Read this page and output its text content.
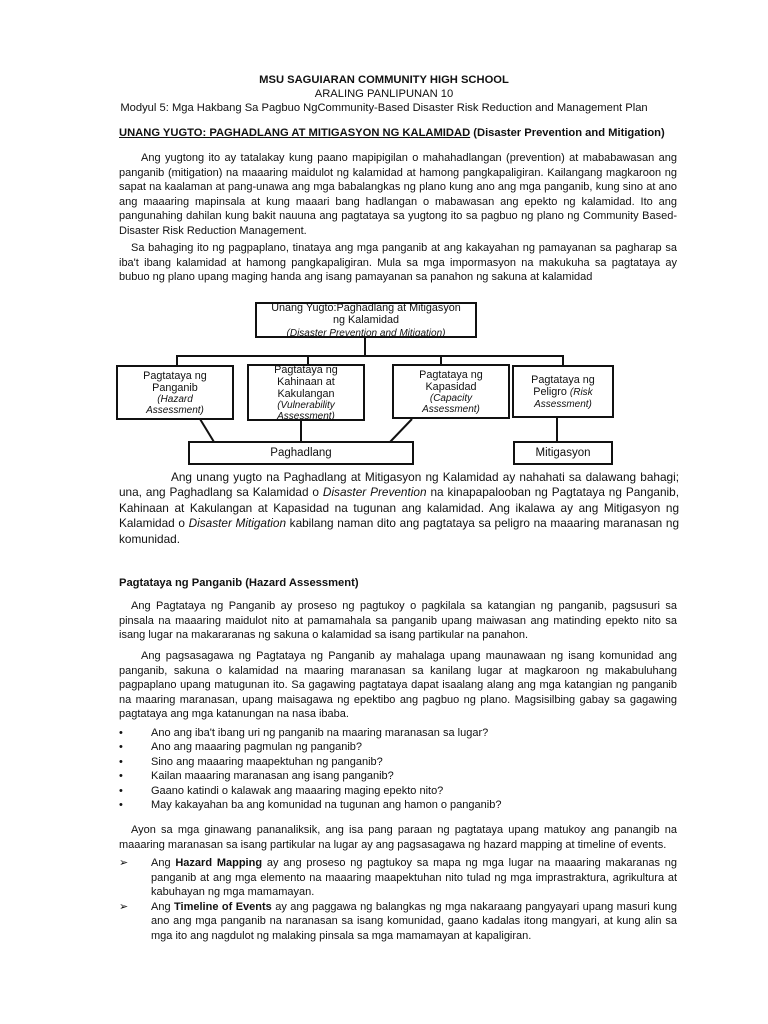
MSU SAGUIARAN COMMUNITY HIGH SCHOOL
ARALING PANLIPUNAN 10
Modyul 5: Mga Hakbang Sa Pagbuo NgCommunity-Based Disaster Risk Reduction and Management Plan
UNANG YUGTO: PAGHADLANG AT MITIGASYON NG KALAMIDAD (Disaster Prevention and Mitigation)
Ang yugtong ito ay tatalakay kung paano mapipigilan o mahahadlangan (prevention) at mababawasan ang panganib (mitigation) na maaaring maidulot ng kalamidad at hamong pangkapaligiran. Kailangang magkaroon ng sapat na kaalaman at pang-unawa ang mga babalangkas ng plano kung ano ang mga panganib, kung sino at ano ang maaaring mapinsala at kung maaari bang hadlangan o mabawasan ang epekto ng kalamidad. Ito ang pangunahing dahilan kung bakit nauuna ang pagtataya sa yugtong ito sa pagbuo ng plano ng Community Based-Disaster Risk Reduction Management.
Sa bahaging ito ng pagpaplano, tinataya ang mga panganib at ang kakayahan ng pamayanan sa pagharap sa iba't ibang kalamidad at hamong pangkapaligiran. Mula sa mga impormasyon na makukuha sa pagtataya ay bubuo ng plano upang maging handa ang isang pamayanan sa panahon ng sakuna at kalamidad
Unang Yugto:Paghadlang at Mitigasyon
ng Kalamidad
(Disaster Prevention and Mitigation)
Pagtataya ng Panganib
(Hazard Assessment)
Pagtataya ng Kahinaan at Kakulangan
(Vulnerability Assessment)
Pagtataya ng Kapasidad
(Capacity Assessment)
Pagtataya ng Peligro (Risk Assessment)
Paghadlang	Mitigasyon
Ang unang yugto na Paghadlang at Mitigasyon ng Kalamidad ay nahahati sa dalawang bahagi; una, ang Paghadlang sa Kalamidad o Disaster Prevention na kinapapalooban ng Pagtataya ng Panganib, Kahinaan at Kakulangan at Kapasidad na tugunan ang kalamidad. Ang ikalawa ay ang Mitigasyon ng Kalamidad o Disaster Mitigation kabilang naman dito ang pagtataya sa peligro na maaaring maranasan ng komunidad.
Pagtataya ng Panganib (Hazard Assessment)
Ang Pagtataya ng Panganib ay proseso ng pagtukoy o pagkilala sa katangian ng panganib, pagsusuri sa pinsala na maaaring maidulot nito at pamamahala sa panganib upang maiwasan ang matinding epekto nito sa isang lugar na makararanas ng sakuna o kalamidad sa isang partikular na panahon.
Ang pagsasagawa ng Pagtataya ng Panganib ay mahalaga upang maunawaan ng isang komunidad ang panganib, sakuna o kalamidad na maaring maranasan sa kanilang lugar at magkaroon ng makabuluhang pagpaplano upang matugunan ito. Sa gagawing pagtataya dapat isaalang alang ang mga katangian ng panganib na maaring maranasan, upang maisagawa ng epektibo ang pagbuo ng plano. Magsisilbing gabay sa gagawing pagtataya ang mga katanungan na nasa ibaba.
• Ano ang iba't ibang uri ng panganib na maaring maranasan sa lugar?
• Ano ang maaaring pagmulan ng panganib?
• Sino ang maaaring maapektuhan ng panganib?
• Kailan maaaring maranasan ang isang panganib?
• Gaano katindi o kalawak ang maaaring maging epekto nito?
• May kakayahan ba ang komunidad na tugunan ang hamon o panganib?
Ayon sa mga ginawang pananaliksik, ang isa pang paraan ng pagtataya upang matukoy ang panangib na maaaring maranasan sa isang partikular na lugar ay ang pagsasagawa ng hazard mapping at timeline of events.
➢ Ang Hazard Mapping ay ang proseso ng pagtukoy sa mapa ng mga lugar na maaaring makaranas ng panganib at ang mga elemento na maaaring maapektuhan nito tulad ng mga imprastraktura, agrikultura at kabuhayan ng mga mamamayan.
➢ Ang Timeline of Events ay ang paggawa ng balangkas ng mga nakaraang pangyayari upang masuri kung ano ang mga panganib na naranasan sa isang komunidad, gaano kadalas itong mangyari, at kung alin sa mga ito ang nagdulot ng malaking pinsala sa mga mamamayan at kapaligiran.
